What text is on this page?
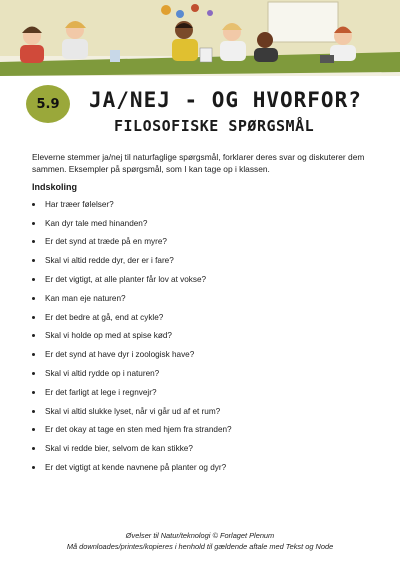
5.9	JA/NEJ - OG HVORFOR?
FILOSOFISKE SPØRGSMÅL

Eleverne stemmer ja/nej til naturfaglige spørgsmål, forklarer deres svar og diskuterer dem sammen. Eksempler på spørgsmål, som I kan tage op i klassen.

Indskoling
Har træer følelser?
Kan dyr tale med hinanden?
Er det synd at træde på en myre?
Skal vi altid redde dyr, der er i fare?
Er det vigtigt, at alle planter får lov at vokse?
Kan man eje naturen?
Er det bedre at gå, end at cykle?
Skal vi holde op med at spise kød?
Er det synd at have dyr i zoologisk have?
Skal vi altid rydde op i naturen?
Er det farligt at lege i regnvejr?
Skal vi altid slukke lyset, når vi går ud af et rum?
Er det okay at tage en sten med hjem fra stranden?
Skal vi redde bier, selvom de kan stikke?
Er det vigtigt at kende navnene på planter og dyr?

Øvelser til Natur/teknologi © Forlaget Plenum

Må downloades/printes/kopieres i henhold til gældende aftale med Tekst og Node
